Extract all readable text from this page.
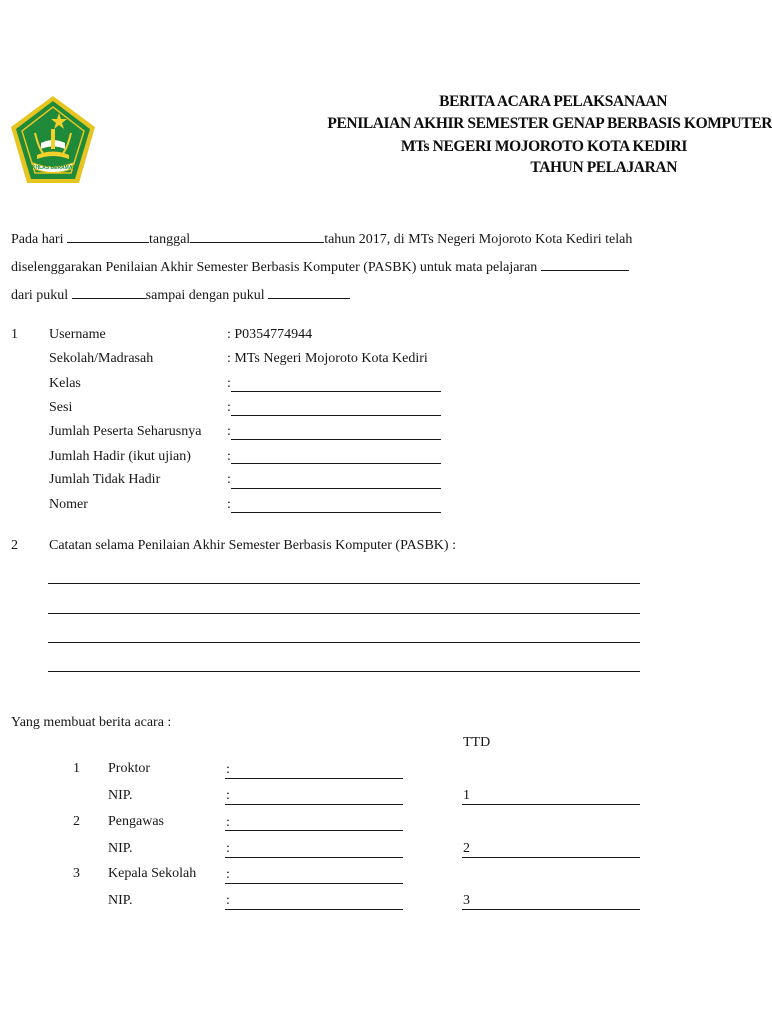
IKHLAS BERAMAL
BERITA ACARA PELAKSANAAN
PENILAIAN AKHIR SEMESTER GENAP BERBASIS KOMPUTER
MTs NEGERI MOJOROTO KOTA KEDIRI
TAHUN PELAJARAN
Pada hari	tanggal	tahun 2017, di MTs Negeri Mojoroto Kota Kediri telah
diselenggarakan Penilaian Akhir Semester Berbasis Komputer (PASBK) untuk mata pelajaran
dari pukul	sampai dengan pukul
1 Username	: P0354774944
Sekolah/Madrasah	: MTs Negeri Mojoroto Kota Kediri
Kelas	:
Sesi	:
Jumlah Peserta Seharusnya :
Jumlah Hadir (ikut ujian)	:
Jumlah Tidak Hadir	:
Nomer	:
2 Catatan selama Penilaian Akhir Semester Berbasis Komputer (PASBK) :
Yang membuat berita acara :
TTD
1 Proktor	:
NIP.	:	1
2 Pengawas	:
NIP.	:	2
3 Kepala Sekolah :
NIP.	:	3
